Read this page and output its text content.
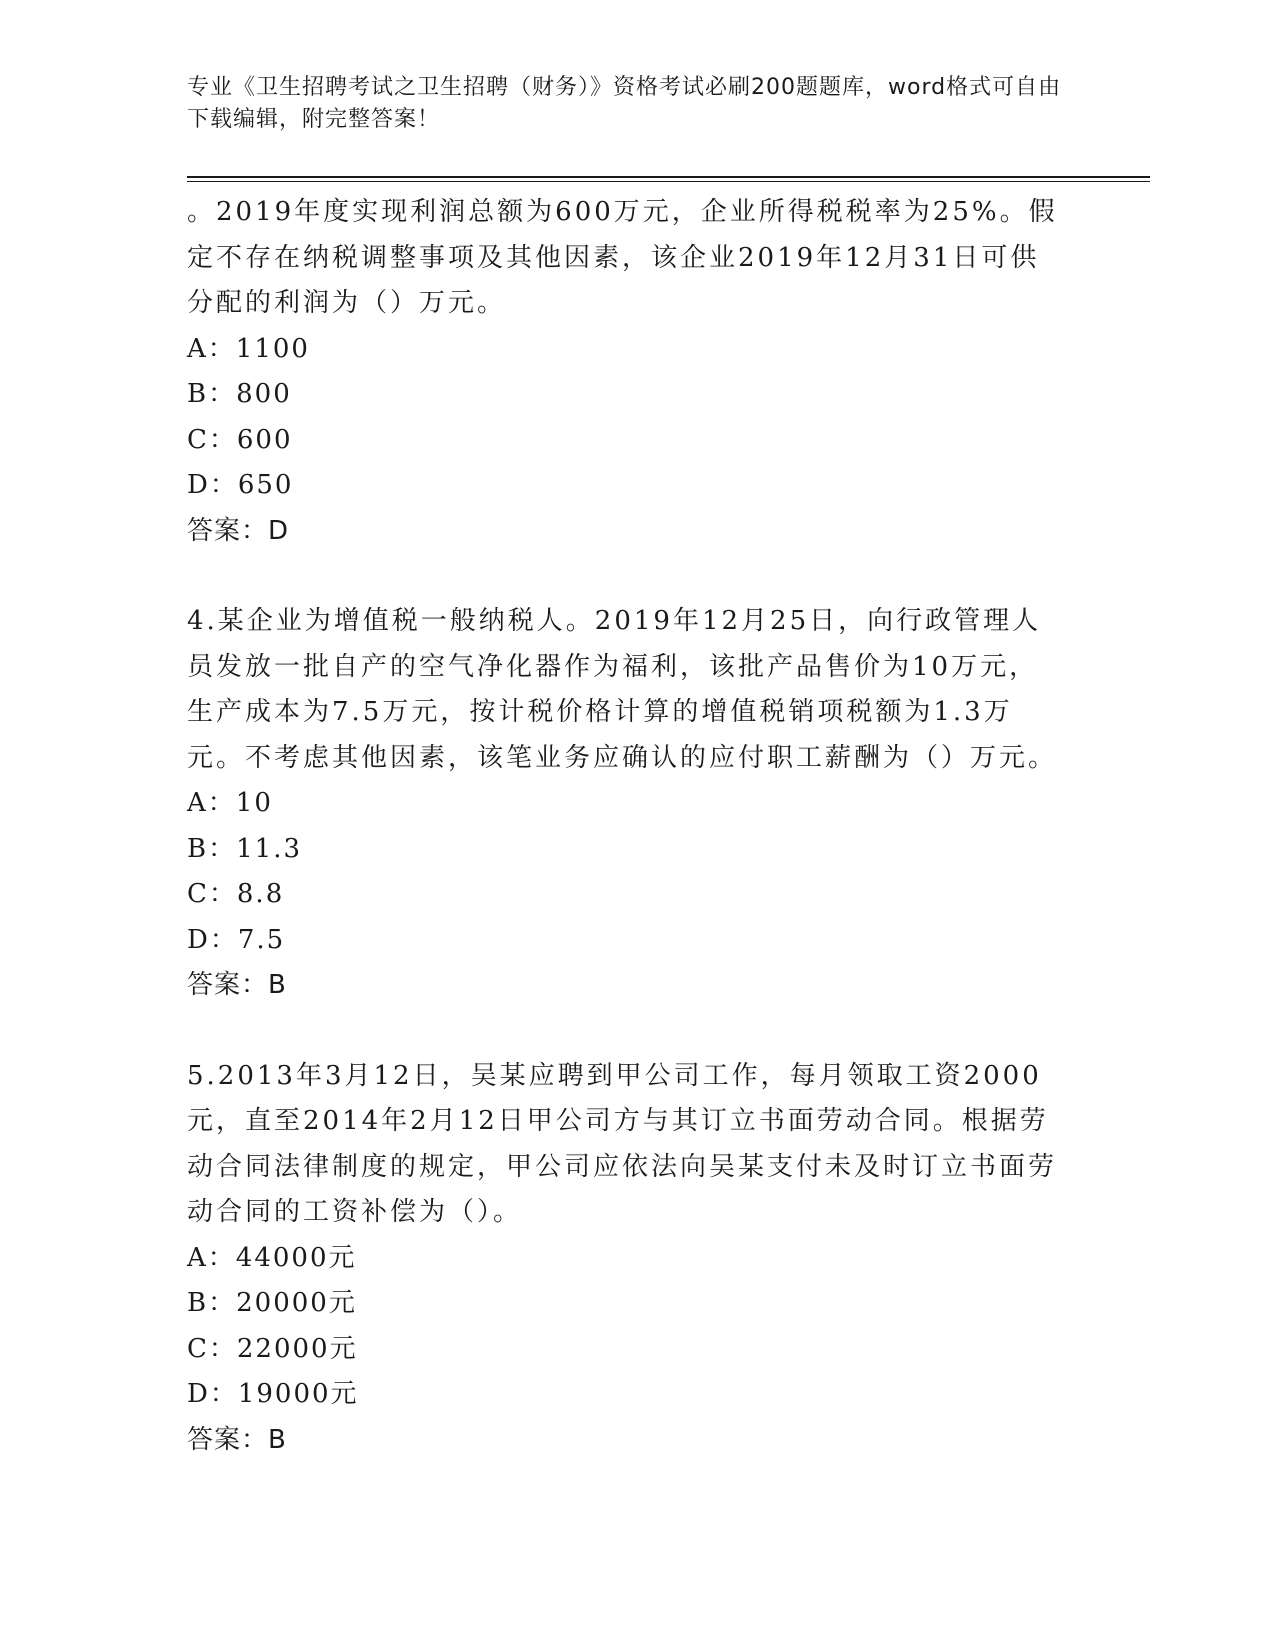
专业《卫生招聘考试之卫生招聘（财务）》资格考试必刷200题题库，word格式可自由下载编辑，附完整答案！

。2019年度实现利润总额为600万元，企业所得税税率为25%。假定不存在纳税调整事项及其他因素，该企业2019年12月31日可供分配的利润为（）万元。

A：1100

B：800

C：600

D：650

答案：D

4.某企业为增值税一般纳税人。2019年12月25日，向行政管理人员发放一批自产的空气净化器作为福利，该批产品售价为10万元，生产成本为7.5万元，按计税价格计算的增值税销项税额为1.3万元。不考虑其他因素，该笔业务应确认的应付职工薪酬为（）万元。

A：10

B：11.3

C：8.8

D：7.5

答案：B

5.2013年3月12日，吴某应聘到甲公司工作，每月领取工资2000元，直至2014年2月12日甲公司方与其订立书面劳动合同。根据劳动合同法律制度的规定，甲公司应依法向吴某支付未及时订立书面劳动合同的工资补偿为（）。

A：44000元

B：20000元

C：22000元

D：19000元

答案：B
